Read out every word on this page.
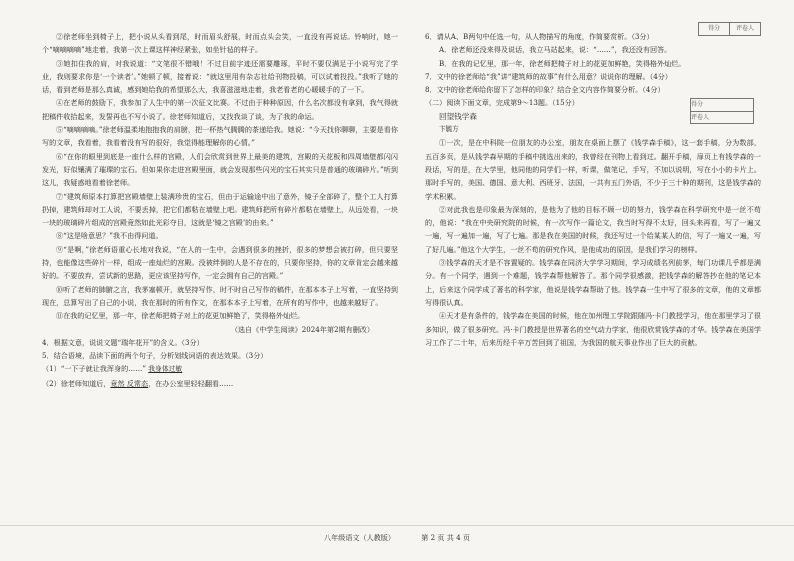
得分	评卷人

②徐老师坐到椅子上，把小说从头看到尾，时而眉头舒展，时而点头会笑，一直没有再说话。铃响时，她一个“嘀嘀嘀嘀”地走着，我第一次上课这样神经紧张，如坐针毡的样子。

③她扣住我的肩，对我说道：“文笔很不错哦！不过目前字迹还需要雕琢，平时不要仅满足于小说写完了学业，我则要求你是‘一个读者’。”她顿了顿，接着说：“就这里用有杂志社给刊物投稿，可以试着投投。”我听了她的话，看到老师是那么真诚，感到她给我的希望那么大，我喜滋滋地走着，我老看老的心暖暖手的了一下。

④在老师的鼓励下，我参加了人生中的第一次征文比赛。不过由于种种原因，什么名次都没有拿到，我气得就把稿件收拾起来，发誓再也不写小说了。徐老师知道后，又找我谈了谈，为了我的命运。

⑤“嘀嘀嘀嘀。”徐老师温柔地抱抱我的肩膀，把一杯热气腾腾的茶递给我。她说：“今天找你聊聊，主要是看你写的文章，我看着，我看着没有写的很好，我觉得能理解你的心情。”

⑥“在你的眼里到底是一座什么样的宫殿，人们会欣赏到世界上最美的建筑，宫殿的天花板和四周墙壁都闪闪发光，好似镶满了璀璨的宝石。但如果你走进宫殿里面，就会发现那些闪光的宝石其实只是普通的玻璃碎片。”听到这儿，我疑惑地看着徐老师。

⑦“建筑师原本打算把宫殿墙壁上装满珍贵的宝石，但由于运输途中出了意外，镜子全部碎了，整个工人打算扔掉，建筑师却对工人说，不要丢掉，把它们都粘在墙壁上吧。建筑师把所有碎片都粘在墙壁上，从远处看，一块一块的玻璃碎片组成的宫殿竟然如此光彩夺目，这就是‘镜之宫殿’的由来。”

⑧“这是啥意思？”我不由得问道。

⑨“是啊，”徐老师语重心长地对我说，“在人的一生中，会遇到很多的挫折，很多的梦想会被打碎，但只要坚持，也能像这些碎片一样，组成一座灿烂的宫殿。没被绊倒的人是不存在的，只要你坚持，你的文章肯定会越来越好的。不要放弃，尝试新的思路，更应该坚持写作，一定会拥有自己的宫殿。”

⑩听了老师的肺腑之言，我茅塞顿开，就坚持写作，时不时自己写作的稿件，在那本本子上写着，一直坚持到现在，总算写出了自己的小说，我在那时的所有作文，在那本本子上写着，在所有的写作中，也越来越好了。

⑪在我的记忆里，那一年，徐老师把椅子对上的花更加鲜艳了，笑得格外灿烂。

（选自《中学生阅读》2024年第2期有删改）

4．根据文意，说说文题“瑞年花开”的含义。（3分）

5．结合语境，品读下面的两个句子，分析划线词语的表达效果。（3分）

（1）“一下子就让我浑身的……” 我身体过敏

（2）徐老师知道后，竟然 反常态，在办公室里轻轻翻看……

得分
评卷人

6．请从A、B两句中任选一句，从人物描写的角度，作简要赏析。（3分）

A．徐老师还没来得及说话，我立马站起来，说：“……”，我还没有回答。

B．在我的记忆里，那一年，徐老师把椅子对上的花更加鲜艳，笑得格外灿烂。

7．文中的徐老师给“我”讲“建筑师的故事”有什么用意？说说你的理解。（4分）

8．文中的徐老师给你留下了怎样的印象？结合全文内容作简要分析。（4分）

（二）阅读下面文章，完成第9～13题。（15分）

回望钱学森

卞毓方

①一次，是在中科院一位朋友的办公室，朋友在桌面上摆了《钱学森手稿》，这一套手稿，分为数部，五百多页，是从钱学森早期的手稿中挑选出来的，我曾经在刊物上看到过。翻开手稿，扉页上有钱学森的一段话，写的是，在大学里，他同他的同学们一样，听课，做笔记，手写，不加以说明，写在小小的卡片上。那时手写的，美国、德国、意大利、西班牙、法国，一共有五门外语，不少于三十种的期刊，这是钱学森的学术积累。

②对此我也是印象最为深刻的，是他为了他的目标不顾一切的努力，钱学森在科学研究中是一丝不苟的，他说：“我在中央研究院的时候，有一次写作一篇论文，我当时写得不太好，回头来再看，写了一遍又一遍，写一遍加一遍，写了七遍。那是我在美国的时候，我还写过一个给某某人的信，写了一遍又一遍，写了好几遍。”他这个大学生，一丝不苟的研究作风，是他成功的原因，是我们学习的榜样。

③钱学森的天才是不容置疑的。钱学森在同济大学学习期间，学习成绩名列前茅，每门功课几乎都是满分。有一个同学，遇到一个难题，钱学森帮他解答了。那个同学很感激，把钱学森的解答抄在他的笔记本上，后来这个同学成了著名的科学家，他说是钱学森帮助了他。钱学森一生中写了很多的文章，他的文章都写得很认真。

④天才是有条件的，钱学森在美国的时候，他在加州理工学院跟随冯·卡门教授学习，他在那里学习了很多知识，做了很多研究。冯·卡门教授是世界著名的空气动力学家，他很欣赏钱学森的才华。钱学森在美国学习工作了二十年，后来历经千辛万苦回到了祖国，为我国的航天事业作出了巨大的贡献。

八年级语文（人教版）	第 2 页 共 4 页
